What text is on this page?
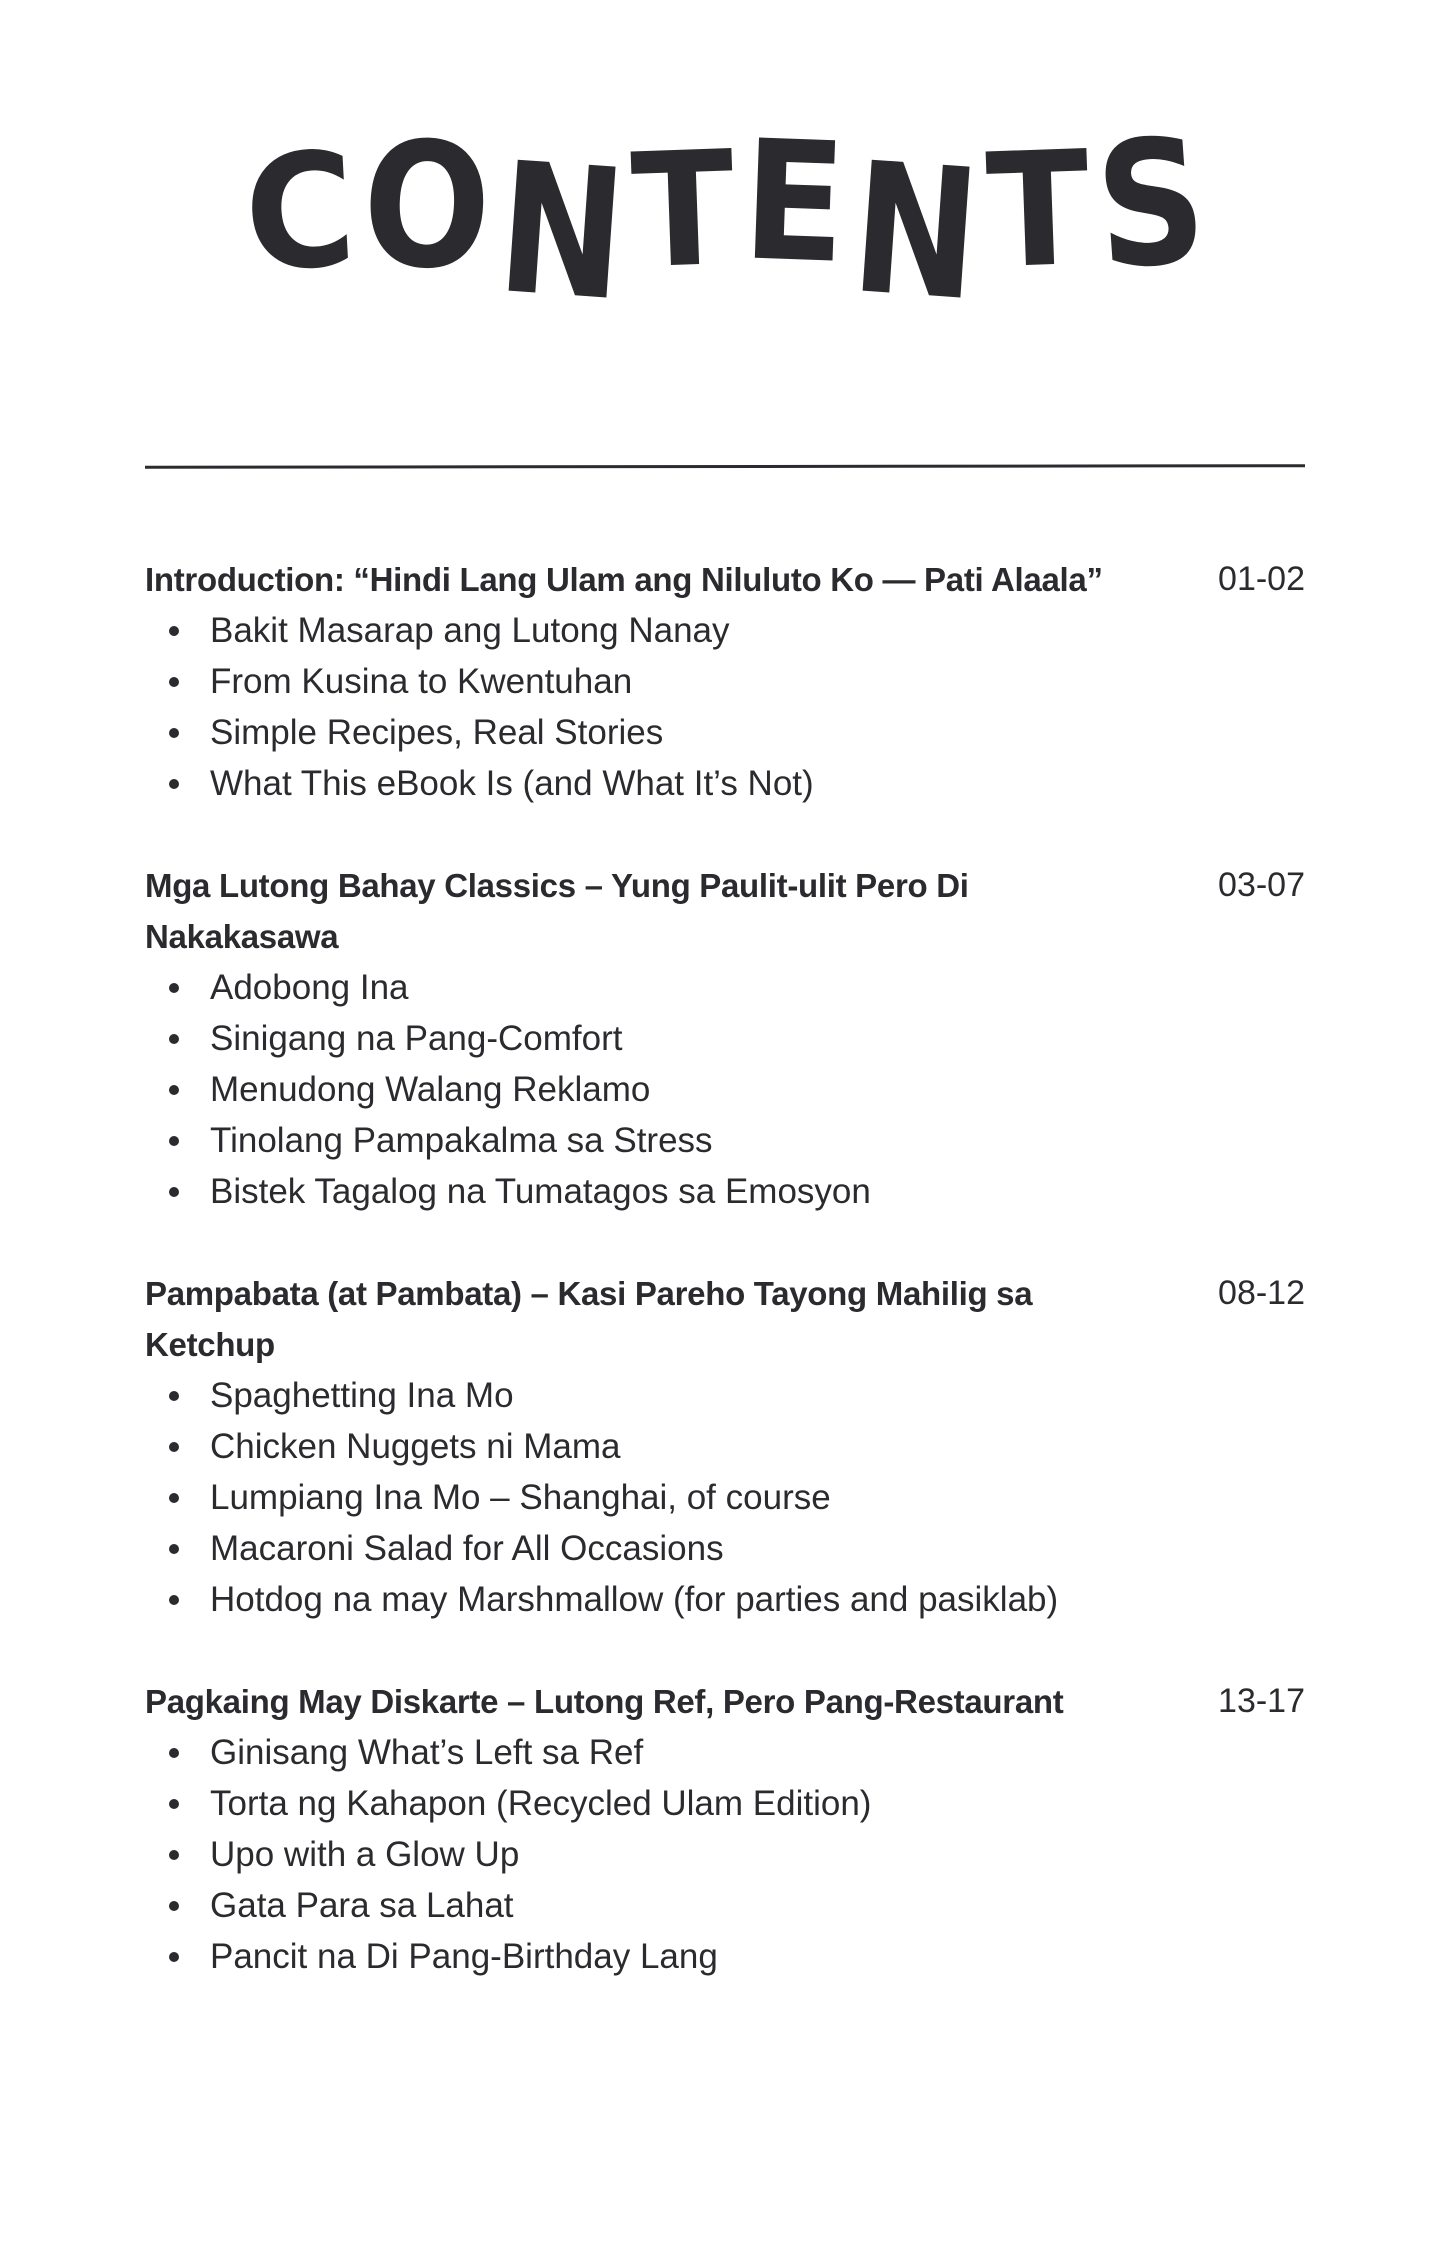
C O
N
T E
N
T
S
Introduction: “Hindi Lang Ulam ang Niluluto Ko — Pati Alaala”	01-02
Bakit Masarap ang Lutong Nanay
From Kusina to Kwentuhan
Simple Recipes, Real Stories
What This eBook Is (and What It’s Not)
Mga Lutong Bahay Classics – Yung Paulit-ulit Pero Di Nakakasawa
03-07
Adobong Ina
Sinigang na Pang-Comfort
Menudong Walang Reklamo
Tinolang Pampakalma sa Stress
Bistek Tagalog na Tumatagos sa Emosyon
Pampabata (at Pambata) – Kasi Pareho Tayong Mahilig sa Ketchup
08-12
Spaghetting Ina Mo
Chicken Nuggets ni Mama
Lumpiang Ina Mo – Shanghai, of course
Macaroni Salad for All Occasions
Hotdog na may Marshmallow (for parties and pasiklab)
Pagkaing May Diskarte – Lutong Ref, Pero Pang-Restaurant	13-17
Ginisang What’s Left sa Ref
Torta ng Kahapon (Recycled Ulam Edition)
Upo with a Glow Up
Gata Para sa Lahat
Pancit na Di Pang-Birthday Lang
